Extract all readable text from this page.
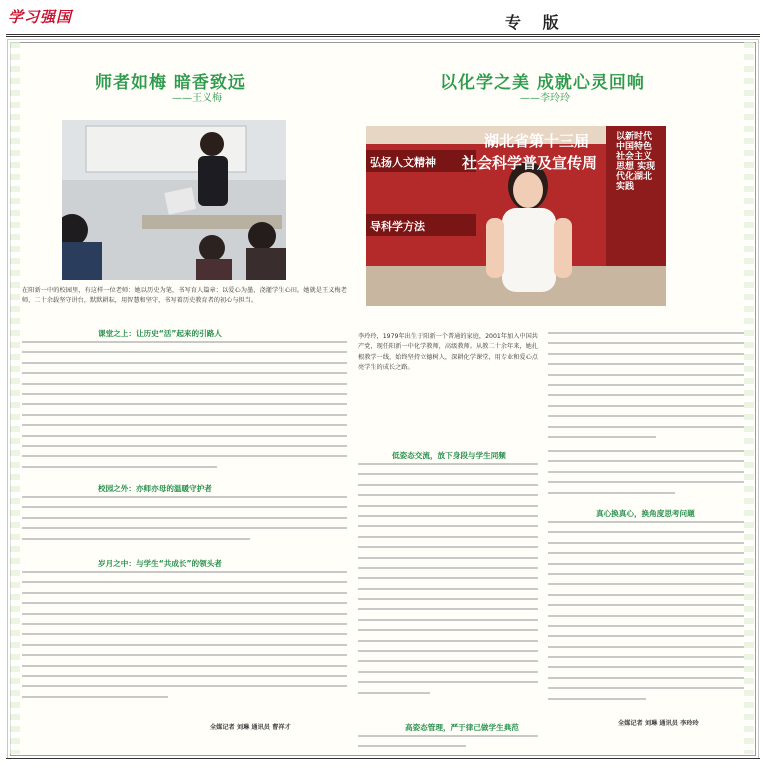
学习强国	专 版
师者如梅 暗香致远
——王义梅
在阳新一中的校园里，有这样一位老师：她以历史为笔，书写育人篇章；以爱心为墨，浇灌学生心田。她就是王义梅老师，二十余载坚守讲台，默默耕耘，用智慧和坚守，书写着历史教育者的初心与担当。
课堂之上：让历史“活”起来的引路人
校园之外：亦师亦母的温暖守护者
岁月之中：与学生“共成长”的领头者
全媒记者 刘琳 通讯员 曹祥才
以化学之美 成就心灵回响
——李玲玲
湖北省第十三届
社会科学普及宣传周
弘扬人文精神
导科学方法
以新时代中国特色社会主义思想 实现代化湖北实践
李玲玲，1979年出生于阳新一个普通的家庭，2001年加入中国共产党，现任阳新一中化学教师，高级教师。从教二十余年来，她扎根教学一线，始终坚持立德树人，深耕化学课堂，用专业和爱心点亮学生的成长之路。
低姿态交流，放下身段与学生同频
真心换真心，换角度思考问题
高姿态管理，严于律己做学生典范	全媒记者 刘琳 通讯员 李玲玲
